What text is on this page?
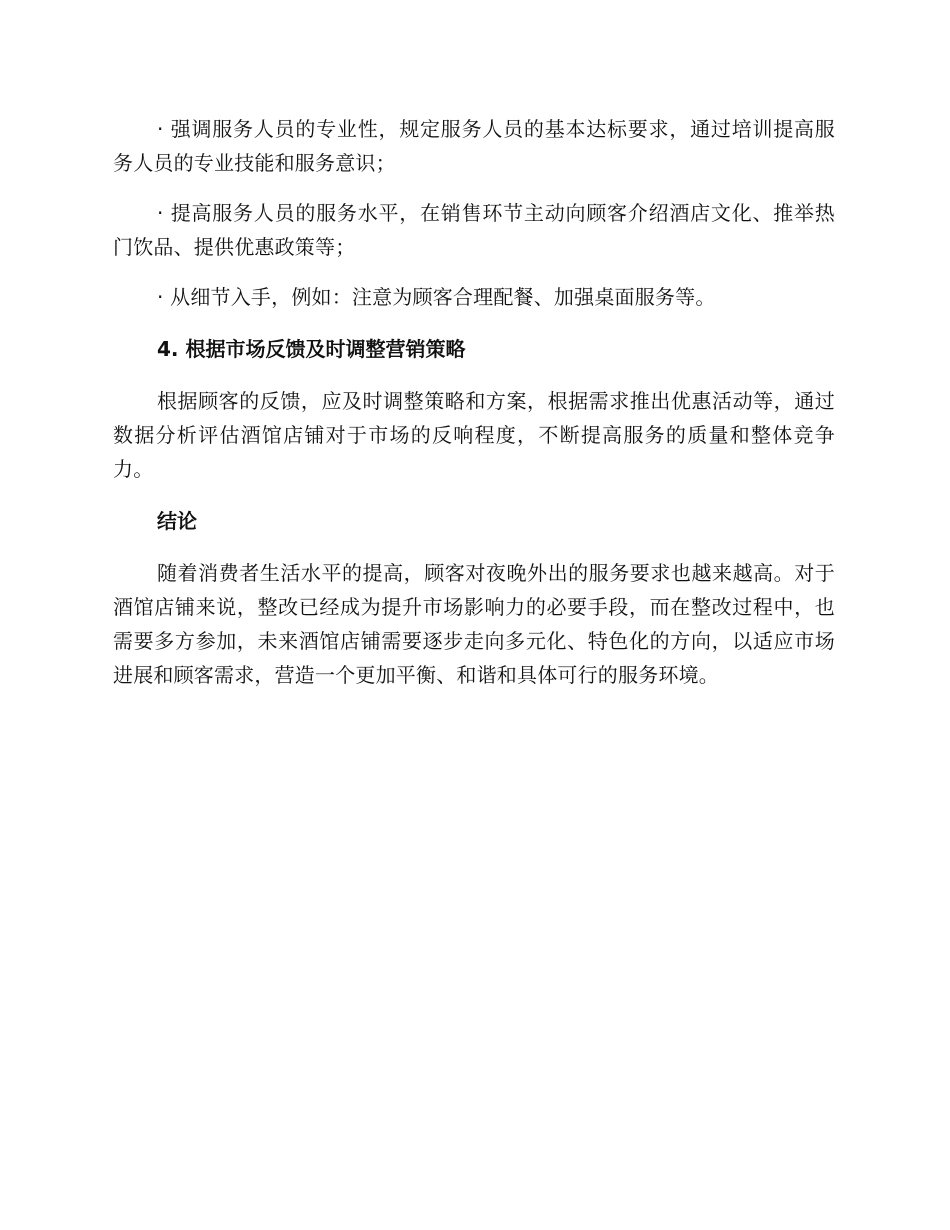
· 强调服务人员的专业性，规定服务人员的基本达标要求，通过培训提高服务人员的专业技能和服务意识；

· 提高服务人员的服务水平，在销售环节主动向顾客介绍酒店文化、推举热门饮品、提供优惠政策等；

· 从细节入手，例如：注意为顾客合理配餐、加强桌面服务等。

4. 根据市场反馈及时调整营销策略

根据顾客的反馈，应及时调整策略和方案，根据需求推出优惠活动等，通过数据分析评估酒馆店铺对于市场的反响程度，不断提高服务的质量和整体竞争力。

结论

随着消费者生活水平的提高，顾客对夜晚外出的服务要求也越来越高。对于酒馆店铺来说，整改已经成为提升市场影响力的必要手段，而在整改过程中，也需要多方参加，未来酒馆店铺需要逐步走向多元化、特色化的方向，以适应市场进展和顾客需求，营造一个更加平衡、和谐和具体可行的服务环境。
